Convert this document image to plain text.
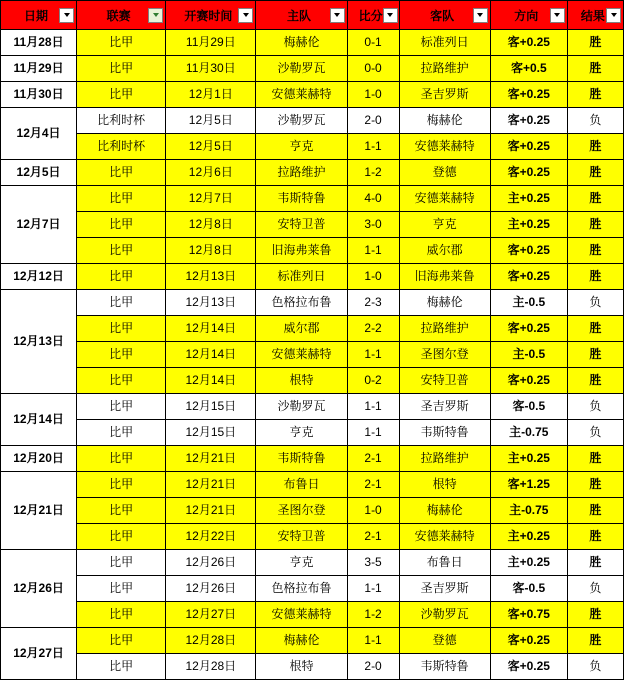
日期	联赛	开赛时间	主队	比分	客队	方向	结果

11月28日	比甲	11月29日	梅赫伦	0-1	标准列日	客+0.25	胜
11月29日	比甲	11月30日	沙勒罗瓦	0-0	拉路维护	客+0.5	胜
11月30日	比甲	12月1日	安德莱赫特	1-0	圣吉罗斯	客+0.25	胜
12月4日	比利时杯	12月5日	沙勒罗瓦	2-0	梅赫伦	客+0.25	负
	比利时杯	12月5日	亨克	1-1	安德莱赫特	客+0.25	胜
12月5日	比甲	12月6日	拉路维护	1-2	登德	客+0.25	胜
12月7日	比甲	12月7日	韦斯特鲁	4-0	安德莱赫特	主+0.25	胜
	比甲	12月8日	安特卫普	3-0	亨克	主+0.25	胜
	比甲	12月8日	旧海弗莱鲁	1-1	威尔郡	客+0.25	胜
12月12日	比甲	12月13日	标准列日	1-0	旧海弗莱鲁	客+0.25	胜
12月13日	比甲	12月13日	色格拉布鲁	2-3	梅赫伦	主-0.5	负
	比甲	12月14日	威尔郡	2-2	拉路维护	客+0.25	胜
	比甲	12月14日	安德莱赫特	1-1	圣图尔登	主-0.5	胜
	比甲	12月14日	根特	0-2	安特卫普	客+0.25	胜
12月14日	比甲	12月15日	沙勒罗瓦	1-1	圣吉罗斯	客-0.5	负
	比甲	12月15日	亨克	1-1	韦斯特鲁	主-0.75	负
12月20日	比甲	12月21日	韦斯特鲁	2-1	拉路维护	主+0.25	胜
12月21日	比甲	12月21日	布鲁日	2-1	根特	客+1.25	胜
	比甲	12月21日	圣图尔登	1-0	梅赫伦	主-0.75	胜
	比甲	12月22日	安特卫普	2-1	安德莱赫特	主+0.25	胜
12月26日	比甲	12月26日	亨克	3-5	布鲁日	主+0.25	胜
	比甲	12月26日	色格拉布鲁	1-1	圣吉罗斯	客-0.5	负
	比甲	12月27日	安德莱赫特	1-2	沙勒罗瓦	客+0.75	胜
12月27日	比甲	12月28日	梅赫伦	1-1	登德	客+0.25	胜
	比甲	12月28日	根特	2-0	韦斯特鲁	客+0.25	负
